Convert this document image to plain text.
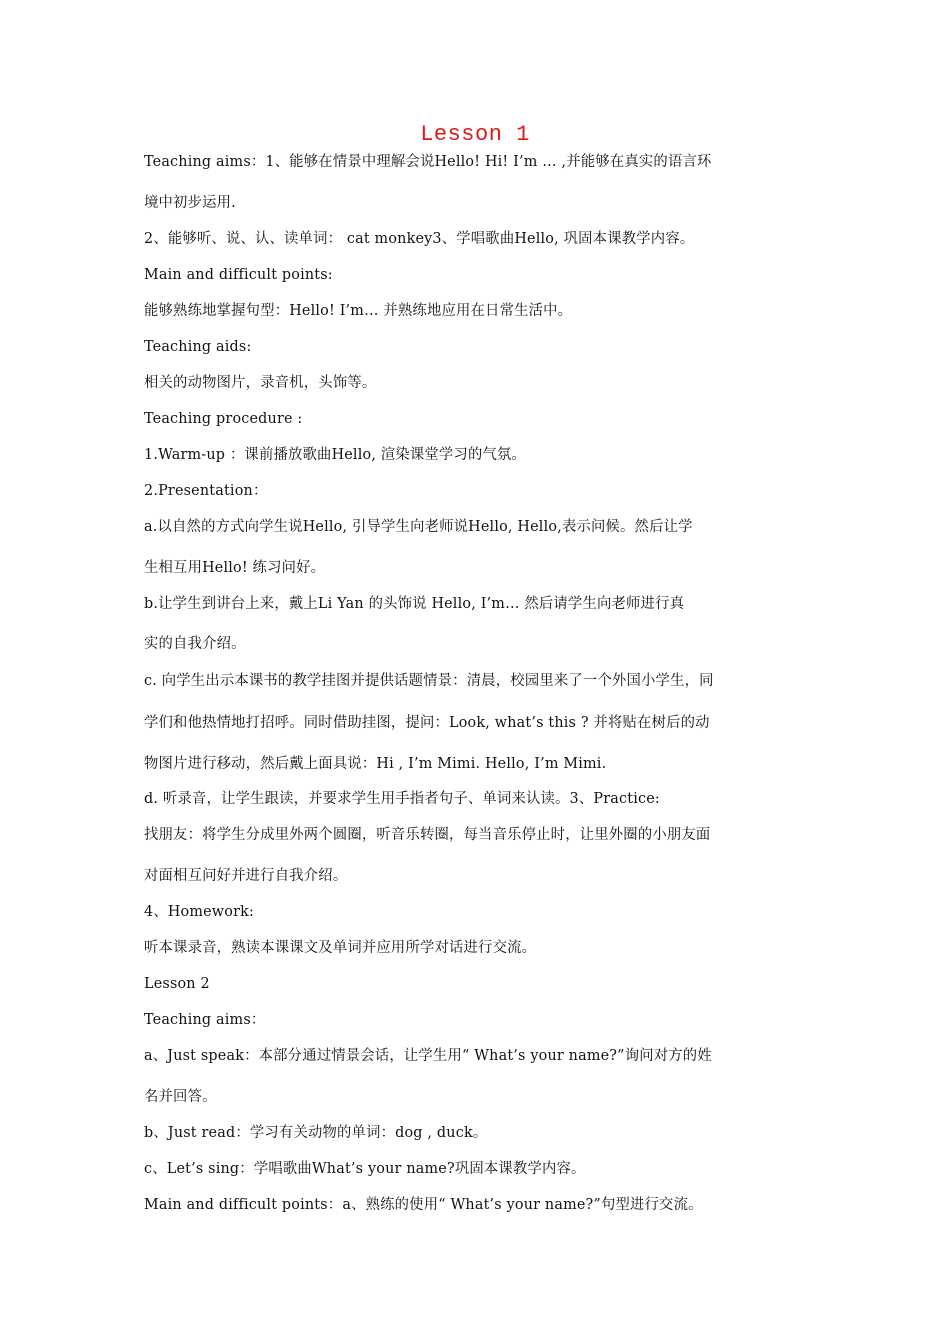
Lesson 1
Teaching aims：1、能够在情景中理解会说Hello! Hi! I’m … ,并能够在真实的语言环
境中初步运用.
2、能够听、说、认、读单词： cat monkey3、学唱歌曲Hello, 巩固本课教学内容。
Main and difficult points:
能够熟练地掌握句型：Hello! I’m… 并熟练地应用在日常生活中。
Teaching aids:
相关的动物图片，录音机，头饰等。
Teaching procedure :
1.Warm-up ：课前播放歌曲Hello, 渲染课堂学习的气氛。
2.Presentation：
a.以自然的方式向学生说Hello, 引导学生向老师说Hello, Hello,表示问候。然后让学
生相互用Hello! 练习问好。
b.让学生到讲台上来，戴上Li Yan 的头饰说 Hello, I’m… 然后请学生向老师进行真
实的自我介绍。
c. 向学生出示本课书的教学挂图并提供话题情景：清晨，校园里来了一个外国小学生，同
学们和他热情地打招呼。同时借助挂图，提问：Look, what’s this ? 并将贴在树后的动
物图片进行移动，然后戴上面具说：Hi , I’m Mimi. Hello, I’m Mimi.
d. 听录音，让学生跟读，并要求学生用手指者句子、单词来认读。3、Practice:
找朋友：将学生分成里外两个圆圈，听音乐转圈，每当音乐停止时，让里外圈的小朋友面
对面相互问好并进行自我介绍。
4、Homework:
听本课录音，熟读本课课文及单词并应用所学对话进行交流。
Lesson 2
Teaching aims：
a、Just speak：本部分通过情景会话，让学生用“ What’s your name?”询问对方的姓
名并回答。
b、Just read：学习有关动物的单词：dog , duck。
c、Let’s sing：学唱歌曲What’s your name?巩固本课教学内容。
Main and difficult points：a、熟练的使用“ What’s your name?”句型进行交流。
